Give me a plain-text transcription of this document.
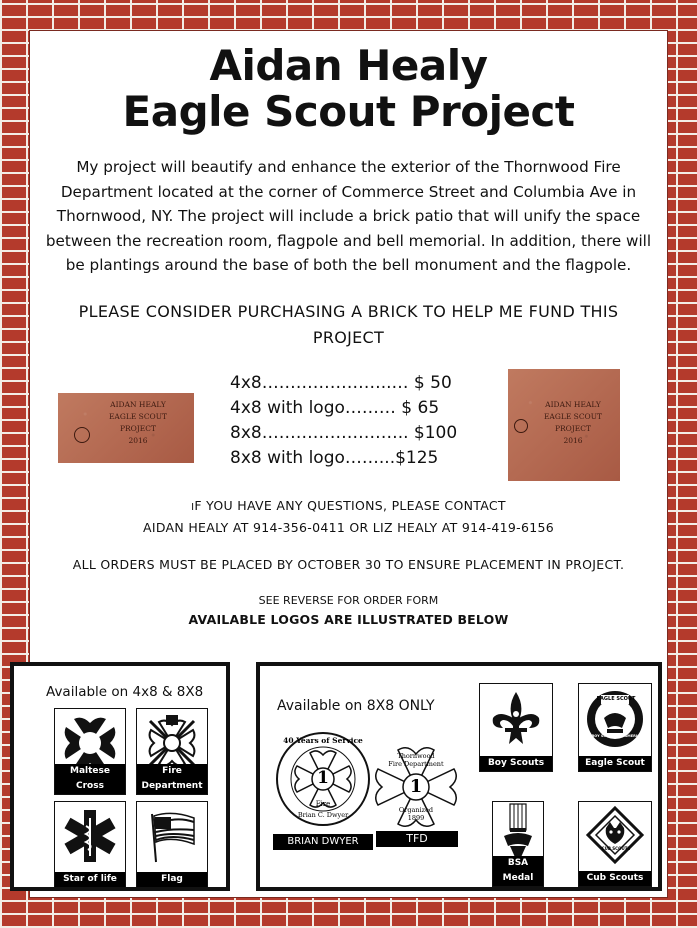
Aidan Healy
Eagle Scout Project
My project will beautify and enhance the exterior of the Thornwood Fire Department located at the corner of Commerce Street and Columbia Ave in Thornwood, NY. The project will include a brick patio that will unify the space between the recreation room, flagpole and bell memorial. In addition, there will be plantings around the base of both the bell monument and the flagpole.
PLEASE CONSIDER PURCHASING A BRICK TO HELP ME FUND THIS PROJECT
AIDAN HEALY
EAGLE SCOUT
PROJECT
2016
AIDAN HEALY
EAGLE SCOUT
PROJECT
2016
4x8…………………..… $ 50
4x8 with logo……… $ 65
8x8…………………….. $100
8x8 with logo……...$125
IF YOU HAVE ANY QUESTIONS, PLEASE CONTACT
AIDAN HEALY AT 914-356-0411 OR LIZ HEALY AT 914-419-6156
ALL ORDERS MUST BE PLACED BY OCTOBER 30 TO ENSURE PLACEMENT IN PROJECT.
SEE REVERSE FOR ORDER FORM
AVAILABLE LOGOS ARE ILLUSTRATED BELOW
Available on 4x8 & 8X8
Maltese Cross
Fire Department
Star of life	Flag
Available on 8X8 ONLY
40 Years of Service
1
Fire
Brian C. Dwyer
BRIAN DWYER
Thornwood
Fire Department
1
Organized
1899
TFD
Boy Scouts
EAGLE SCOUT
BOY SCOUTS OF AMERICA
Eagle Scout
BSA Medal
CUB SCOUTS
Cub Scouts
